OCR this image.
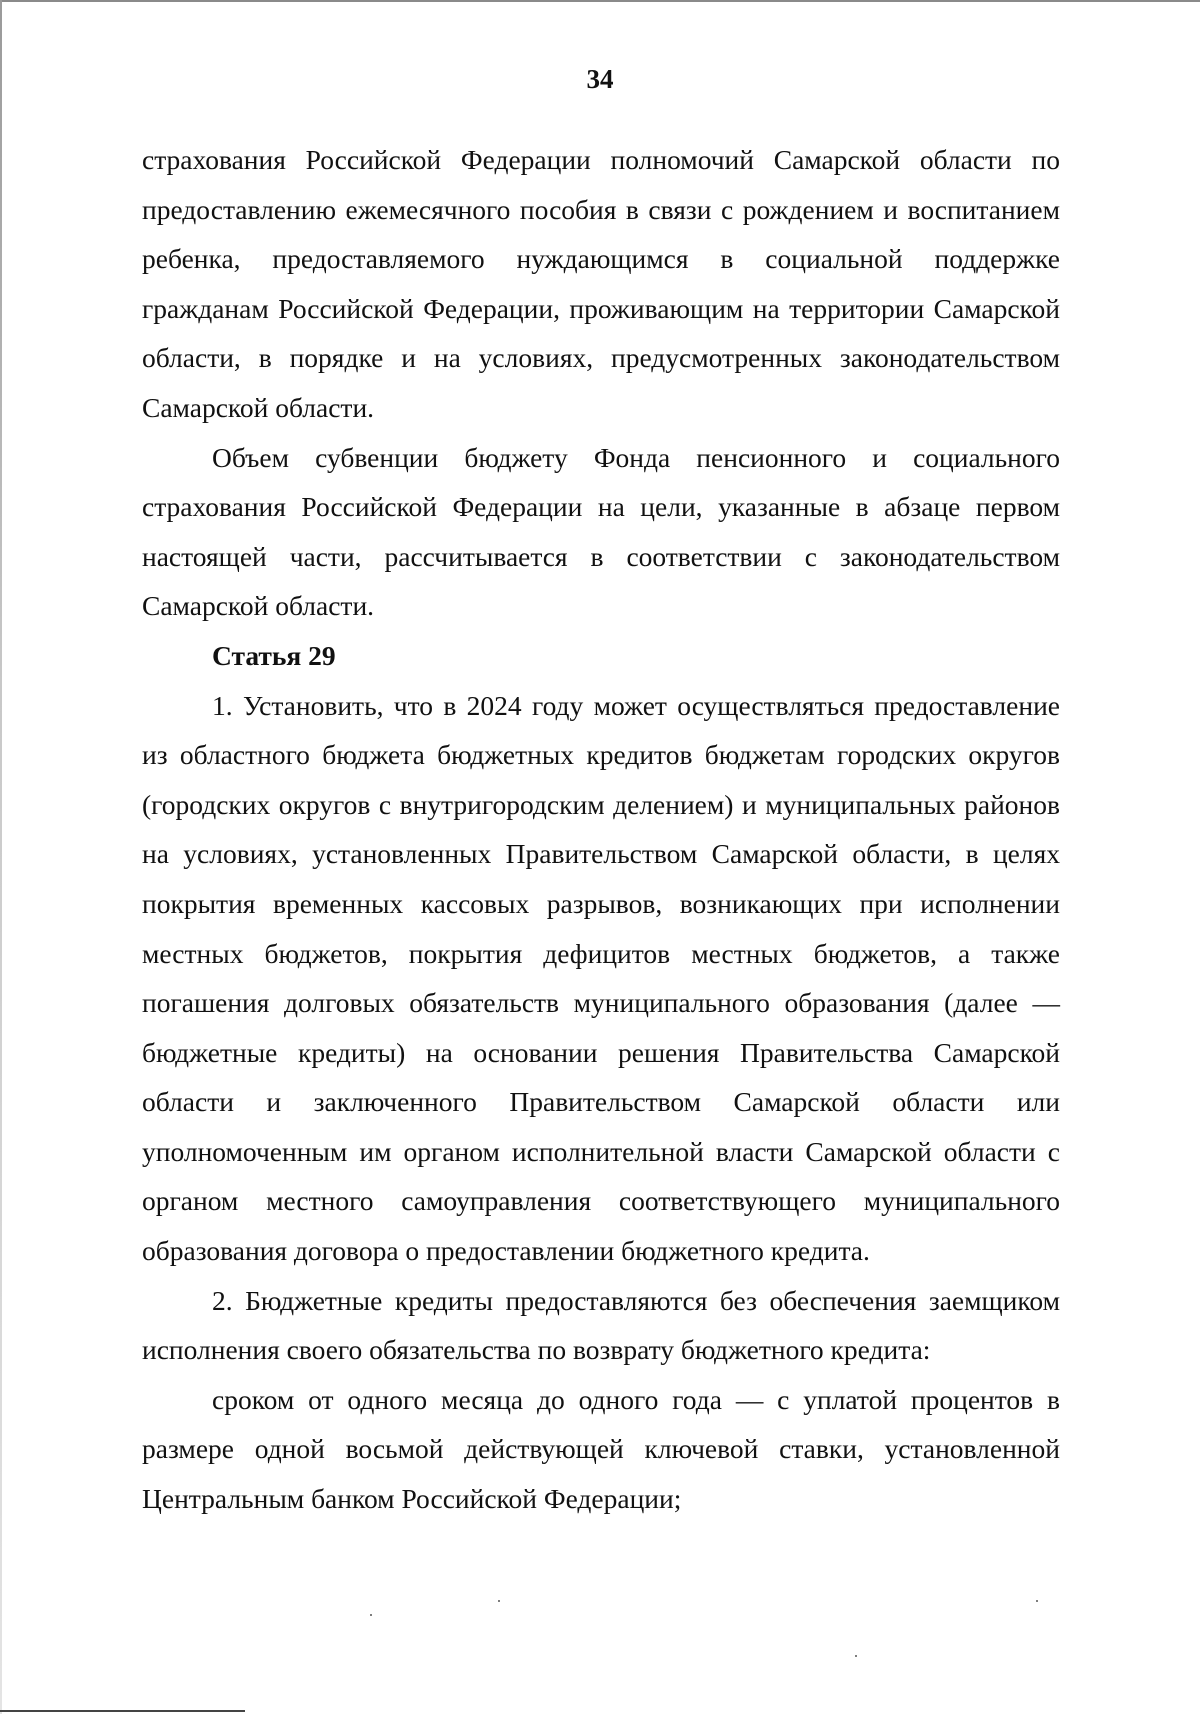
34

страхования Российской Федерации полномочий Самарской области по предоставлению ежемесячного пособия в связи с рождением и воспитанием ребенка, предоставляемого нуждающимся в социальной поддержке гражданам Российской Федерации, проживающим на территории Самарской области, в порядке и на условиях, предусмотренных законодательством Самарской области.

Объем субвенции бюджету Фонда пенсионного и социального страхования Российской Федерации на цели, указанные в абзаце первом настоящей части, рассчитывается в соответствии с законодательством Самарской области.

Статья 29

1. Установить, что в 2024 году может осуществляться предоставление из областного бюджета бюджетных кредитов бюджетам городских округов (городских округов с внутригородским делением) и муниципальных районов на условиях, установленных Правительством Самарской области, в целях покрытия временных кассовых разрывов, возникающих при исполнении местных бюджетов, покрытия дефицитов местных бюджетов, а также погашения долговых обязательств муниципального образования (далее — бюджетные кредиты) на основании решения Правительства Самарской области и заключенного Правительством Самарской области или уполномоченным им органом исполнительной власти Самарской области с органом местного самоуправления соответствующего муниципального образования договора о предоставлении бюджетного кредита.

2. Бюджетные кредиты предоставляются без обеспечения заемщиком исполнения своего обязательства по возврату бюджетного кредита:

сроком от одного месяца до одного года — с уплатой процентов в размере одной восьмой действующей ключевой ставки, установленной Центральным банком Российской Федерации;
